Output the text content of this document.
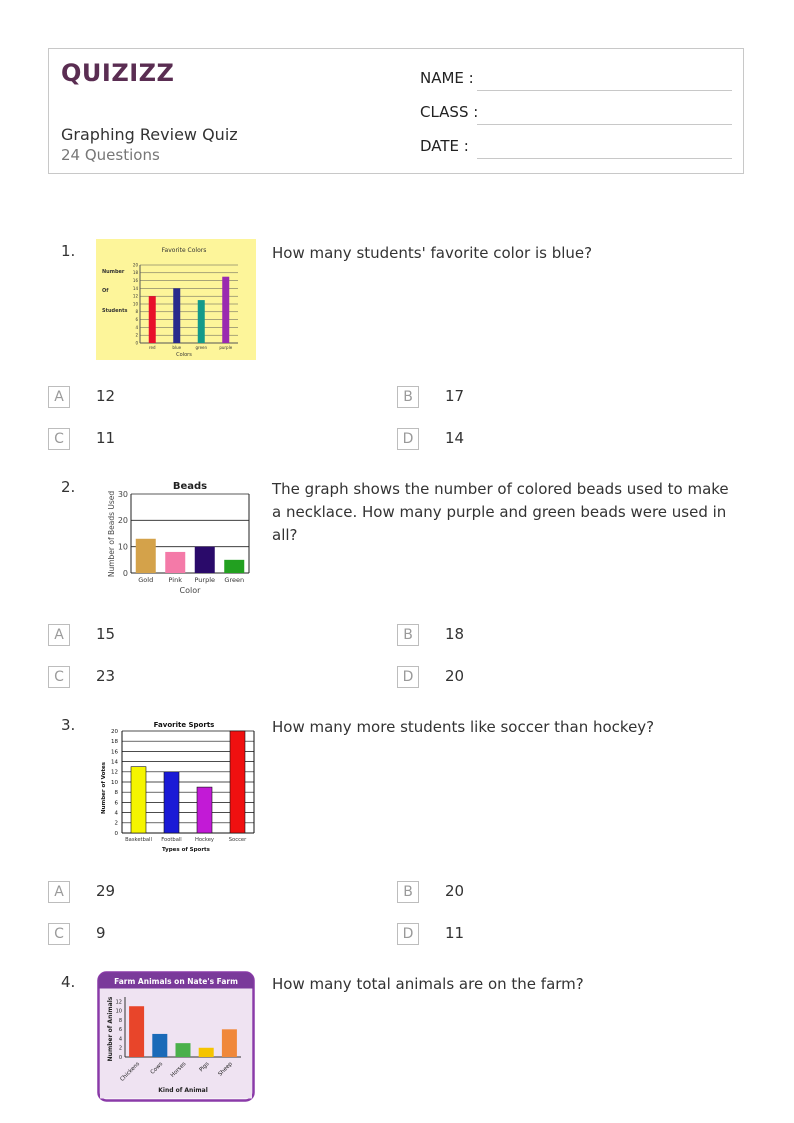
QUIZIZZ
Graphing Review Quiz
24 Questions
NAME :
CLASS :
DATE :
1.	Favorite Colors
Number
Of
Students
Colors
0
2
4
6
8
10
12
14
16
18
20
red	blue	green	purple
How many students' favorite color is blue?
A	12	B	17
C	11	D	14
2.	Beads
Color
Number of Beads Used 0
10
20
30
Gold Pink Purple Green
The graph shows the number of colored beads used to make a necklace. How many purple and green beads were used in all?
A	15	B	18
C	23	D	20
3.	Favorite Sports
Types of Sports
Number of Votes
0
2
4
6
8
10
12
14
16
18
20
Basketball Football	Hockey	Soccer
How many more students like soccer than hockey?
A	29	B	20
C	9	D	11
4.	Farm Animals on Nate's Farm
Kind of Animal
Number of Animals 0
2
4
6
8
10
12
Chickens Cows Horses Pigs Sheep
How many total animals are on the farm?
